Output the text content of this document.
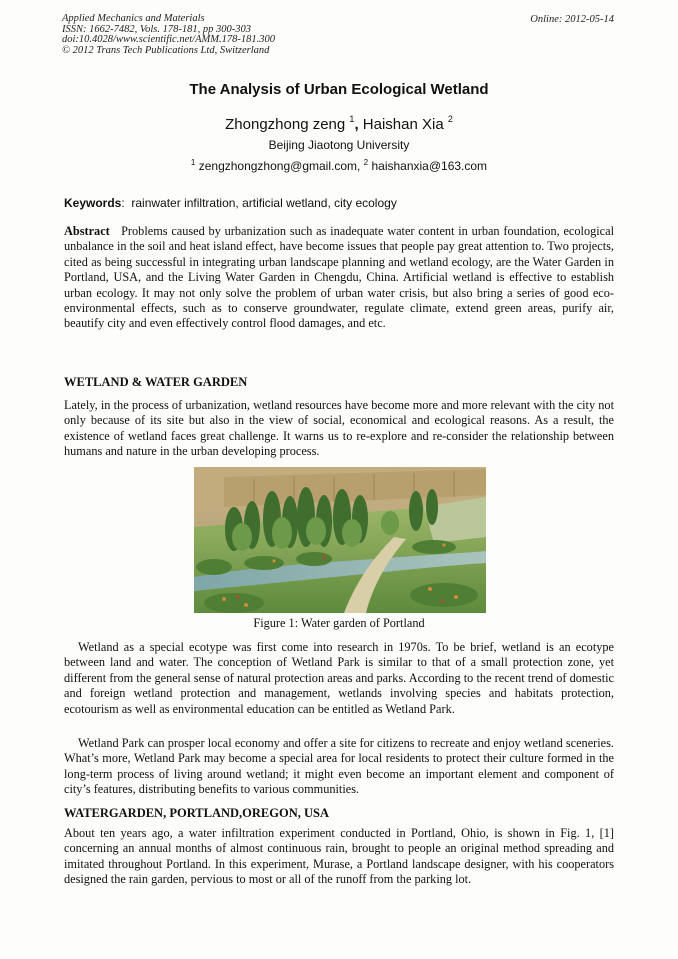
Applied Mechanics and Materials
ISSN: 1662-7482, Vols. 178-181, pp 300-303
doi:10.4028/www.scientific.net/AMM.178-181.300
© 2012 Trans Tech Publications Ltd, Switzerland
Online: 2012-05-14
The Analysis of Urban Ecological Wetland
Zhongzhong zeng $^1$, Haishan Xia $^2$
Beijing Jiaotong University
$^1$ zengzhongzhong@gmail.com, $^2$ haishanxia@163.com
Keywords:  rainwater infiltration, artificial wetland, city ecology
Abstract Problems caused by urbanization such as inadequate water content in urban foundation, ecological unbalance in the soil and heat island effect, have become issues that people pay great attention to. Two projects, cited as being successful in integrating urban landscape planning and wetland ecology, are the Water Garden in Portland, USA, and the Living Water Garden in Chengdu, China. Artificial wetland is effective to establish urban ecology. It may not only solve the problem of urban water crisis, but also bring a series of good eco- environmental effects, such as to conserve groundwater, regulate climate, extend green areas, purify air, beautify city and even effectively control flood damages, and etc.
WETLAND & WATER GARDEN
Lately, in the process of urbanization, wetland resources have become more and more relevant with the city not only because of its site but also in the view of social, economical and ecological reasons. As a result, the existence of wetland faces great challenge. It warns us to re-explore and re-consider the relationship between humans and nature in the urban developing process.
Figure 1: Water garden of Portland
Wetland as a special ecotype was first come into research in 1970s. To be brief, wetland is an ecotype between land and water. The conception of Wetland Park is similar to that of a small protection zone, yet different from the general sense of natural protection areas and parks. According to the recent trend of domestic and foreign wetland protection and management, wetlands involving species and habitats protection, ecotourism as well as environmental education can be entitled as Wetland Park.
Wetland Park can prosper local economy and offer a site for citizens to recreate and enjoy wetland sceneries. What’s more, Wetland Park may become a special area for local residents to protect their culture formed in the long-term process of living around wetland; it might even become an important element and component of city’s features, distributing benefits to various communities.
WATERGARDEN, PORTLAND,OREGON, USA
About ten years ago, a water infiltration experiment conducted in Portland, Ohio, is shown in Fig. 1, [1] concerning an annual months of almost continuous rain, brought to people an original method spreading and imitated throughout Portland. In this experiment, Murase, a Portland landscape designer, with his cooperators designed the rain garden, pervious to most or all of the runoff from the parking lot.
